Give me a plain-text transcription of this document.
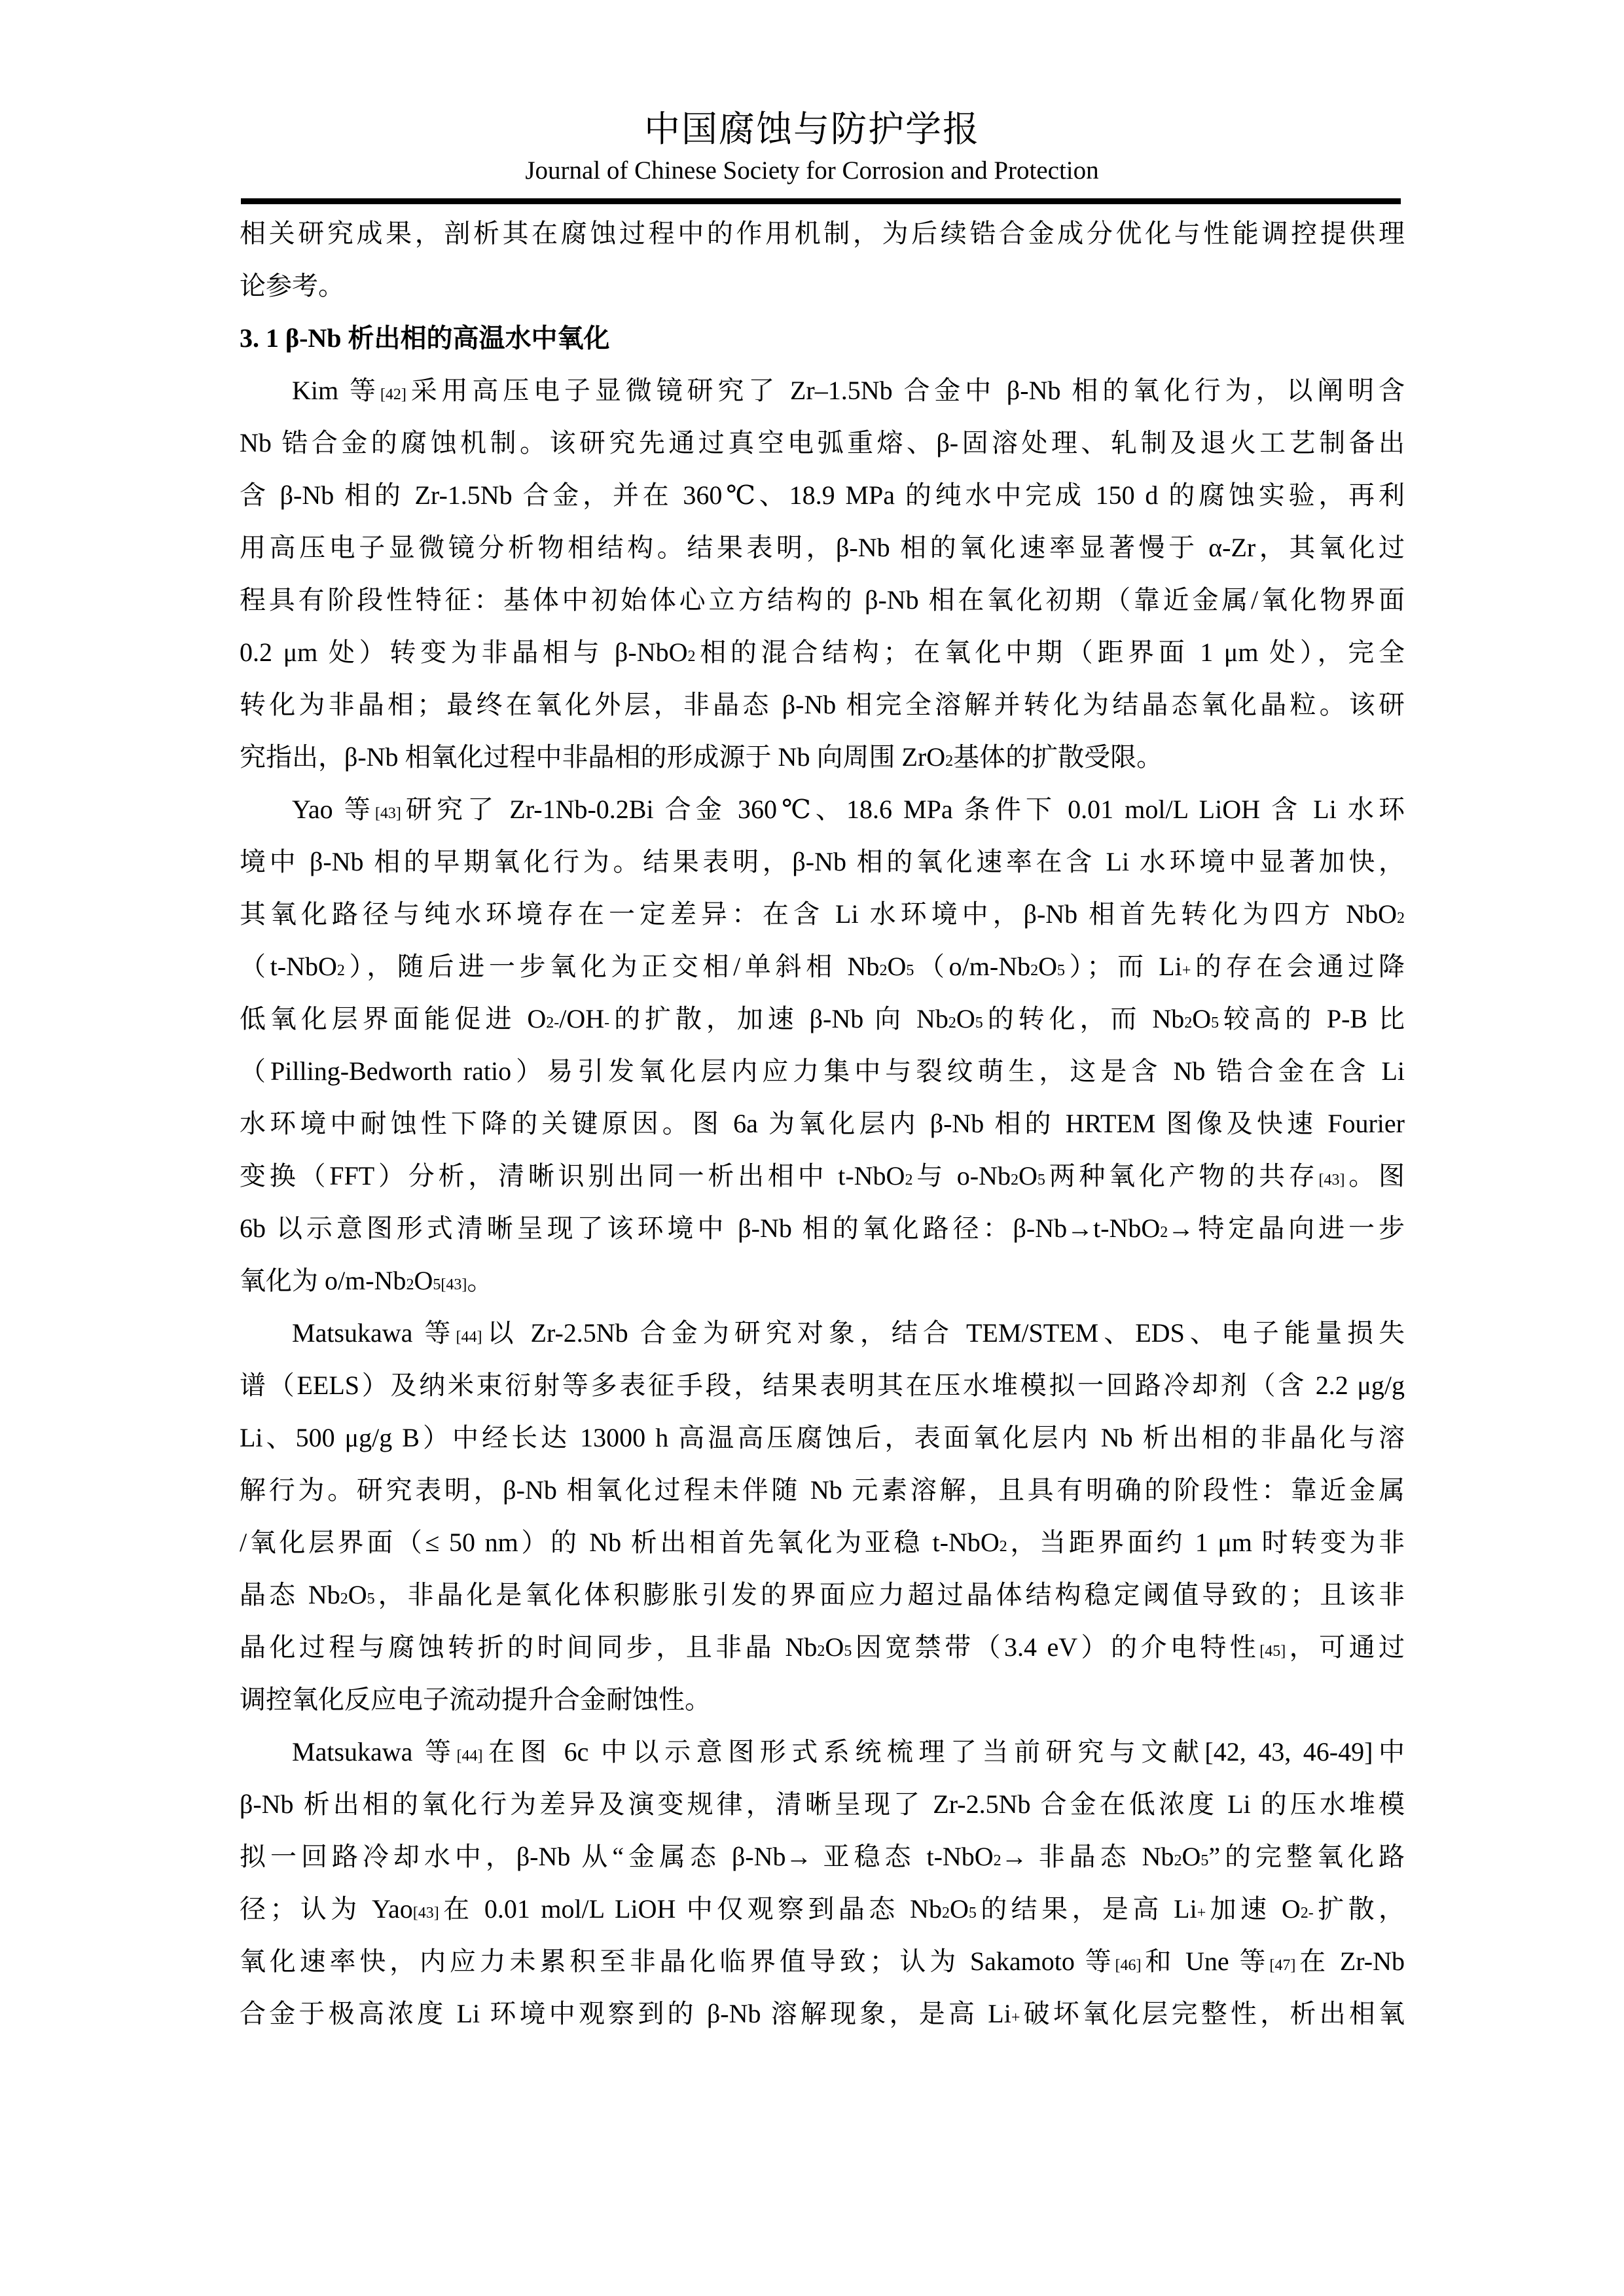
中国腐蚀与防护学报
Journal of Chinese Society for Corrosion and Protection
相关研究成果，剖析其在腐蚀过程中的作用机制，为后续锆合金成分优化与性能调控提供理
论参考。
3. 1 β-Nb 析出相的高温水中氧化
Kim 等[42]采用高压电子显微镜研究了 Zr–1.5Nb 合金中 β-Nb 相的氧化行为，以阐明含
Nb 锆合金的腐蚀机制。该研究先通过真空电弧重熔、β-固溶处理、轧制及退火工艺制备出
含 β-Nb 相的 Zr-1.5Nb 合金，并在 360℃、18.9 MPa 的纯水中完成 150 d 的腐蚀实验，再利
用高压电子显微镜分析物相结构。结果表明，β-Nb 相的氧化速率显著慢于 α-Zr，其氧化过
程具有阶段性特征：基体中初始体心立方结构的 β-Nb 相在氧化初期（靠近金属/氧化物界面
0.2 μm 处）转变为非晶相与 β-NbO$_2$相的混合结构；在氧化中期（距界面 1 μm 处），完全
转化为非晶相；最终在氧化外层，非晶态 β-Nb 相完全溶解并转化为结晶态氧化晶粒。该研
究指出，β-Nb 相氧化过程中非晶相的形成源于 Nb 向周围 ZrO$_2$基体的扩散受限。
Yao 等[43]研究了 Zr-1Nb-0.2Bi 合金 360℃、18.6 MPa 条件下 0.01 mol/L LiOH 含 Li 水环
境中 β-Nb 相的早期氧化行为。结果表明，β-Nb 相的氧化速率在含 Li 水环境中显著加快，
其氧化路径与纯水环境存在一定差异：在含 Li 水环境中，β-Nb 相首先转化为四方 NbO$_2$
（t-NbO$_2$），随后进一步氧化为正交相/单斜相 $Nb_2O_5(o/m-Nb_2O_5)$；而 Li+的存在会通过降
低氧化层界面能促进 $O^{2-}/OH^-$的扩散，加速 β-Nb 向 $Nb_2O_5$的转化，而 $Nb_2O_5$较高的 P-B 比
（Pilling-Bedworth ratio）易引发氧化层内应力集中与裂纹萌生，这是含 Nb 锆合金在含 Li
水环境中耐蚀性下降的关键原因。图 6a 为氧化层内 β-Nb 相的 HRTEM 图像及快速 Fourier
变换（FFT）分析，清晰识别出同一析出相中 t-NbO$_2$与 $o-Nb_2O_5$两种氧化产物的共存[43]。图
6b 以示意图形式清晰呈现了该环境中 β-Nb 相的氧化路径：β-Nb→t-NbO$_2$→特定晶向进一步
氧化为 $o/m-Nb_2O_5[43]$。
Matsukawa 等[44]以 Zr-2.5Nb 合金为研究对象，结合 TEM/STEM、EDS、电子能量损失
谱（EELS）及纳米束衍射等多表征手段，结果表明其在压水堆模拟一回路冷却剂（含 2.2 μg/g
Li、500 μg/g B）中经长达 13000 h 高温高压腐蚀后，表面氧化层内 Nb 析出相的非晶化与溶
解行为。研究表明，β-Nb 相氧化过程未伴随 Nb 元素溶解，且具有明确的阶段性：靠近金属
/氧化层界面（≤ 50 nm）的 Nb 析出相首先氧化为亚稳 t-NbO$_2$，当距界面约 1 μm 时转变为非
晶态 $Nb_2O_5$，非晶化是氧化体积膨胀引发的界面应力超过晶体结构稳定阈值导致的；且该非
晶化过程与腐蚀转折的时间同步，且非晶 $Nb_2O_5$因宽禁带（3.4 eV）的介电特性[45]，可通过
调控氧化反应电子流动提升合金耐蚀性。
Matsukawa 等[44]在图 6c 中以示意图形式系统梳理了当前研究与文献[42, 43, 46-49]中
β-Nb 析出相的氧化行为差异及演变规律，清晰呈现了 Zr-2.5Nb 合金在低浓度 Li 的压水堆模
拟一回路冷却水中，β-Nb 从“金属态 β-Nb→ 亚稳态 t-NbO$_2$→ 非晶态 $Nb_2O_5$”的完整氧化路
径；认为 Yao[43]在 0.01 mol/L LiOH 中仅观察到晶态 $Nb_2O_5$的结果，是高 Li+加速 $O^{2-}$扩散，
氧化速率快，内应力未累积至非晶化临界值导致；认为 Sakamoto 等[46]和 Une 等[47]在 Zr-Nb
合金于极高浓度 Li 环境中观察到的 β-Nb 溶解现象，是高 Li+破坏氧化层完整性，析出相氧
